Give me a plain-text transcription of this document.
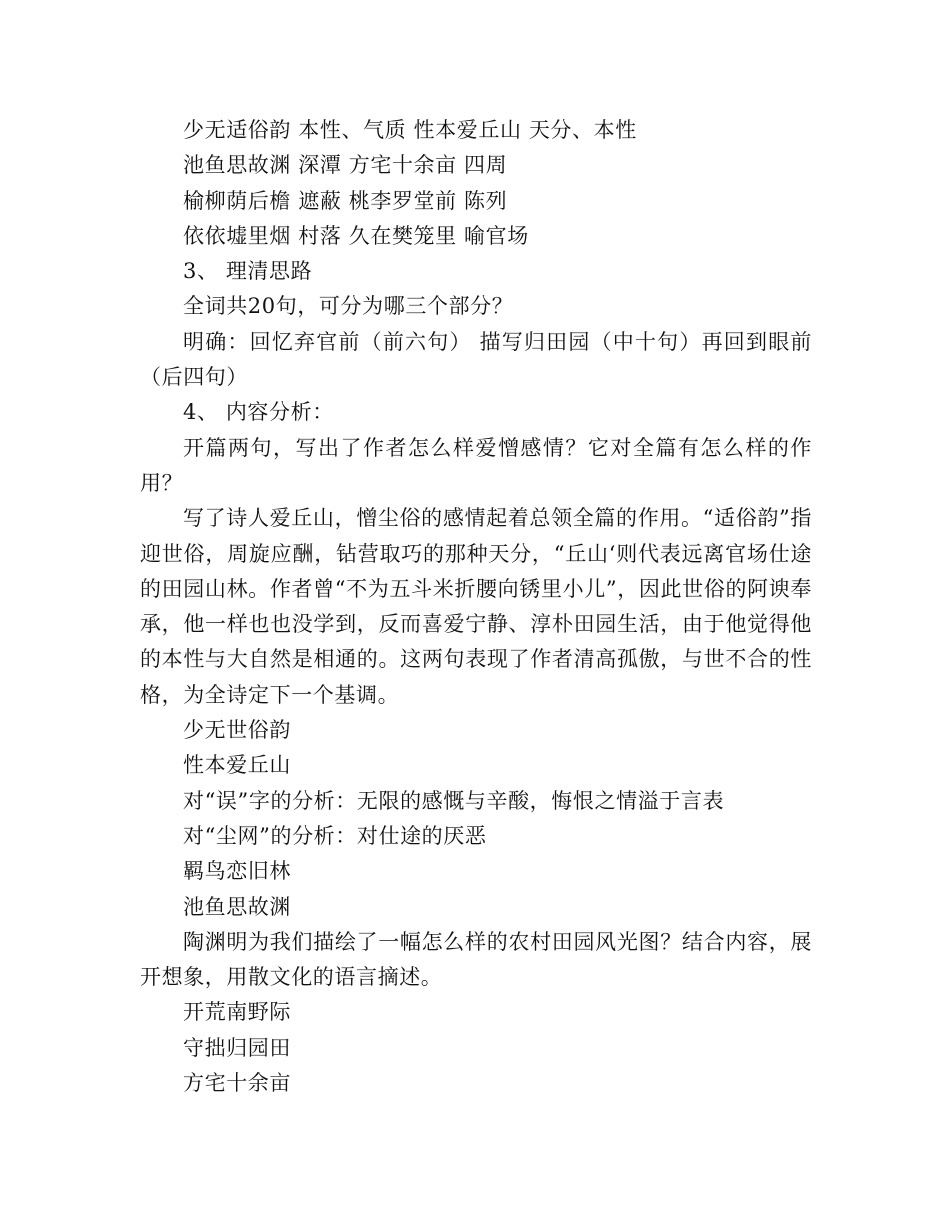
少无适俗韵 本性、气质 性本爱丘山 天分、本性

池鱼思故渊 深潭 方宅十余亩 四周

榆柳荫后檐 遮蔽 桃李罗堂前 陈列

依依墟里烟 村落 久在樊笼里 喻官场

3、 理清思路

全词共20句，可分为哪三个部分？

明确：回忆弃官前（前六句） 描写归田园（中十句）再回到眼前（后四句）

4、 内容分析：

开篇两句，写出了作者怎么样爱憎感情？它对全篇有怎么样的作用？

写了诗人爱丘山，憎尘俗的感情起着总领全篇的作用。“适俗韵”指迎世俗，周旋应酬，钻营取巧的那种天分，“丘山‘则代表远离官场仕途的田园山林。作者曾“不为五斗米折腰向锈里小儿”，因此世俗的阿谀奉承，他一样也也没学到，反而喜爱宁静、淳朴田园生活，由于他觉得他的本性与大自然是相通的。这两句表现了作者清高孤傲，与世不合的性格，为全诗定下一个基调。

少无世俗韵

性本爱丘山

对“误”字的分析：无限的感慨与辛酸，悔恨之情溢于言表

对“尘网”的分析：对仕途的厌恶

羁鸟恋旧林

池鱼思故渊

陶渊明为我们描绘了一幅怎么样的农村田园风光图？结合内容，展开想象，用散文化的语言摘述。

开荒南野际

守拙归园田

方宅十余亩
